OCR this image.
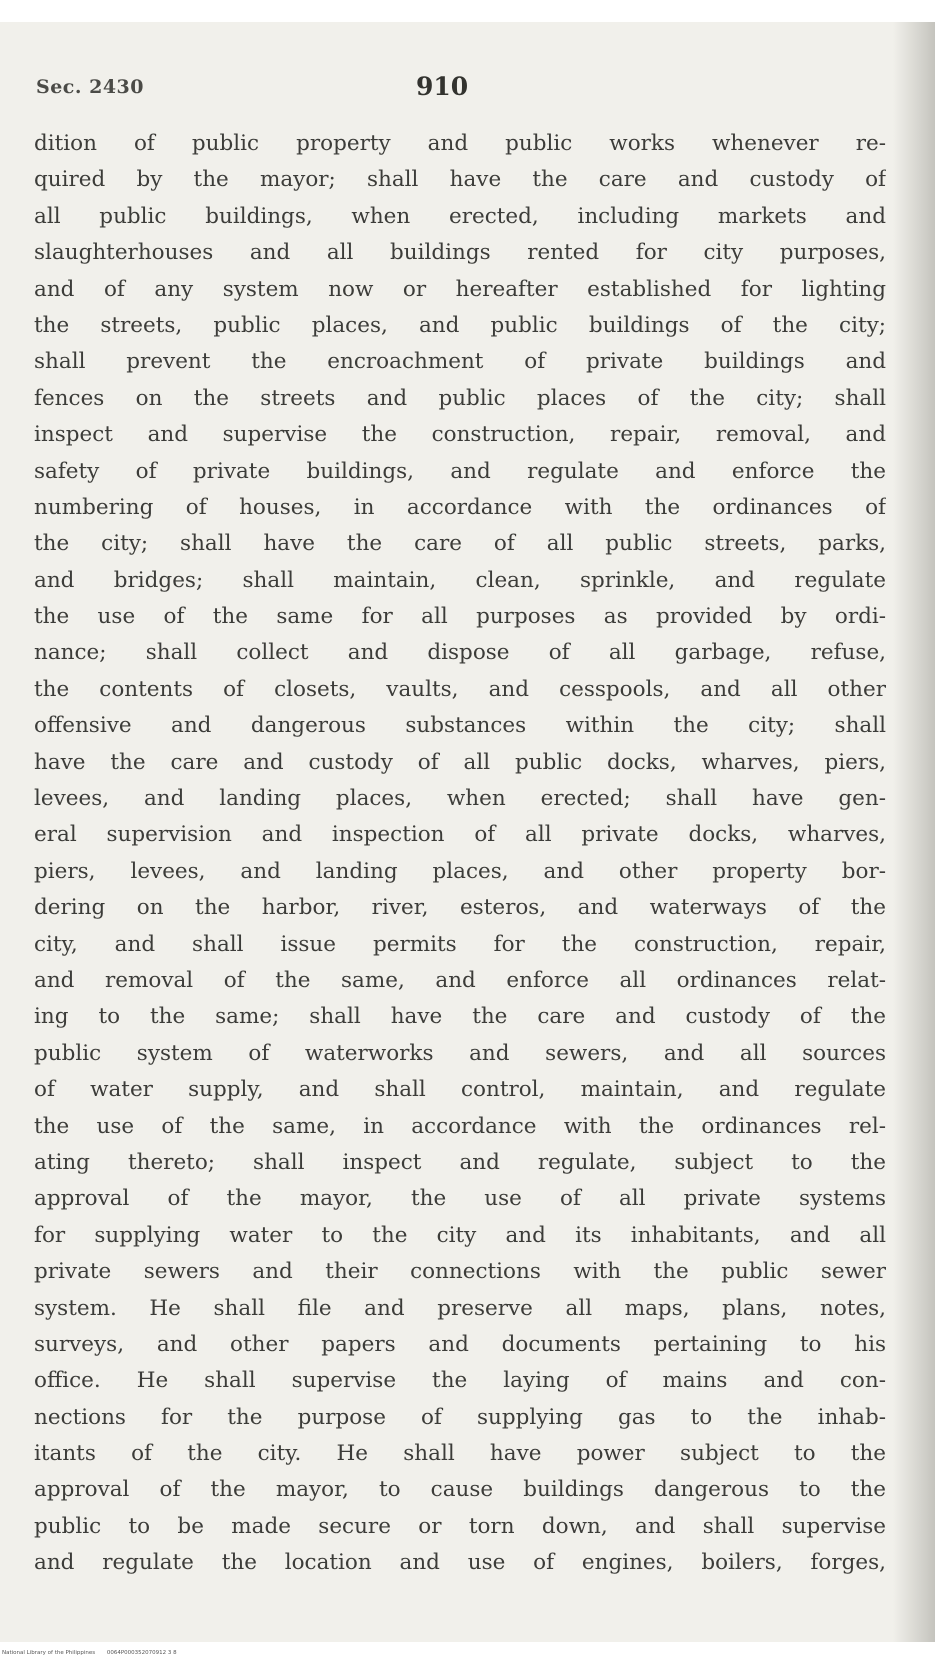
Sec. 2430	910
dition of public property and public works whenever re-
quired by the mayor; shall have the care and custody of
all public buildings, when erected, including markets and
slaughterhouses and all buildings rented for city purposes,
and of any system now or hereafter established for lighting
the streets, public places, and public buildings of the city;
shall prevent the encroachment of private buildings and
fences on the streets and public places of the city; shall
inspect and supervise the construction, repair, removal, and
safety of private buildings, and regulate and enforce the
numbering of houses, in accordance with the ordinances of
the city; shall have the care of all public streets, parks,
and bridges; shall maintain, clean, sprinkle, and regulate
the use of the same for all purposes as provided by ordi-
nance; shall collect and dispose of all garbage, refuse,
the contents of closets, vaults, and cesspools, and all other
offensive and dangerous substances within the city; shall
have the care and custody of all public docks, wharves, piers,
levees, and landing places, when erected; shall have gen-
eral supervision and inspection of all private docks, wharves,
piers, levees, and landing places, and other property bor-
dering on the harbor, river, esteros, and waterways of the
city, and shall issue permits for the construction, repair,
and removal of the same, and enforce all ordinances relat-
ing to the same; shall have the care and custody of the
public system of waterworks and sewers, and all sources
of water supply, and shall control, maintain, and regulate
the use of the same, in accordance with the ordinances rel-
ating thereto; shall inspect and regulate, subject to the
approval of the mayor, the use of all private systems
for supplying water to the city and its inhabitants, and all
private sewers and their connections with the public sewer
system. He shall file and preserve all maps, plans, notes,
surveys, and other papers and documents pertaining to his
office. He shall supervise the laying of mains and con-
nections for the purpose of supplying gas to the inhab-
itants of the city. He shall have power subject to the
approval of the mayor, to cause buildings dangerous to the
public to be made secure or torn down, and shall supervise
and regulate the location and use of engines, boilers, forges,
National Library of the Philippines 0064P000352070912 3 8
